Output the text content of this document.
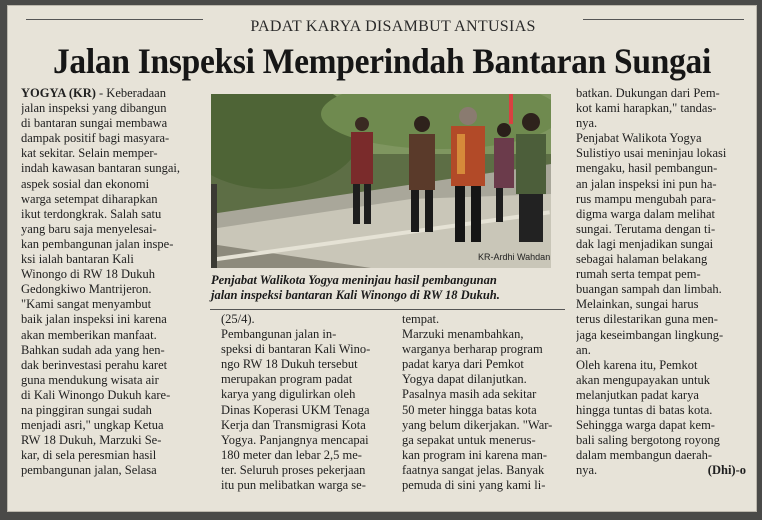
PADAT KARYA DISAMBUT ANTUSIAS
Jalan Inspeksi Memperindah Bantaran Sungai
YOGYA (KR) - Keberadaan
jalan inspeksi yang dibangun
di bantaran sungai membawa
dampak positif bagi masyara-
kat sekitar. Selain memper-
indah kawasan bantaran sungai,
aspek sosial dan ekonomi
warga setempat diharapkan
ikut terdongkrak. Salah satu
yang baru saja menyelesai-
kan pembangunan jalan inspe-
ksi ialah bantaran Kali
Winongo di RW 18 Dukuh
Gedongkiwo Mantrijeron.
"Kami sangat menyambut
baik jalan inspeksi ini karena
akan memberikan manfaat.
Bahkan sudah ada yang hen-
dak berinvestasi perahu karet
guna mendukung wisata air
di Kali Winongo Dukuh kare-
na pinggiran sungai sudah
menjadi asri," ungkap Ketua
RW 18 Dukuh, Marzuki Se-
kar, di sela peresmian hasil
pembangunan jalan, Selasa
KR-Ardhi Wahdan
Penjabat Walikota Yogya meninjau hasil pembangunan
jalan inspeksi bantaran Kali Winongo di RW 18 Dukuh.
(25/4).
Pembangunan jalan in-
speksi di bantaran Kali Wino-
ngo RW 18 Dukuh tersebut
merupakan program padat
karya yang digulirkan oleh
Dinas Koperasi UKM Tenaga
Kerja dan Transmigrasi Kota
Yogya. Panjangnya mencapai
180 meter dan lebar 2,5 me-
ter. Seluruh proses pekerjaan
itu pun melibatkan warga se-
tempat.
Marzuki menambahkan,
warganya berharap program
padat karya dari Pemkot
Yogya dapat dilanjutkan.
Pasalnya masih ada sekitar
50 meter hingga batas kota
yang belum dikerjakan. "War-
ga sepakat untuk menerus-
kan program ini karena man-
faatnya sangat jelas. Banyak
pemuda di sini yang kami li-
batkan. Dukungan dari Pem-
kot kami harapkan," tandas-
nya.
Penjabat Walikota Yogya
Sulistiyo usai meninjau lokasi
mengaku, hasil pembangun-
an jalan inspeksi ini pun ha-
rus mampu mengubah para-
digma warga dalam melihat
sungai. Terutama dengan ti-
dak lagi menjadikan sungai
sebagai halaman belakang
rumah serta tempat pem-
buangan sampah dan limbah.
Melainkan, sungai harus
terus dilestarikan guna men-
jaga keseimbangan lingkung-
an.
Oleh karena itu, Pemkot
akan mengupayakan untuk
melanjutkan padat karya
hingga tuntas di batas kota.
Sehingga warga dapat kem-
bali saling bergotong royong
dalam membangun daerah-
nya.	(Dhi)-o
